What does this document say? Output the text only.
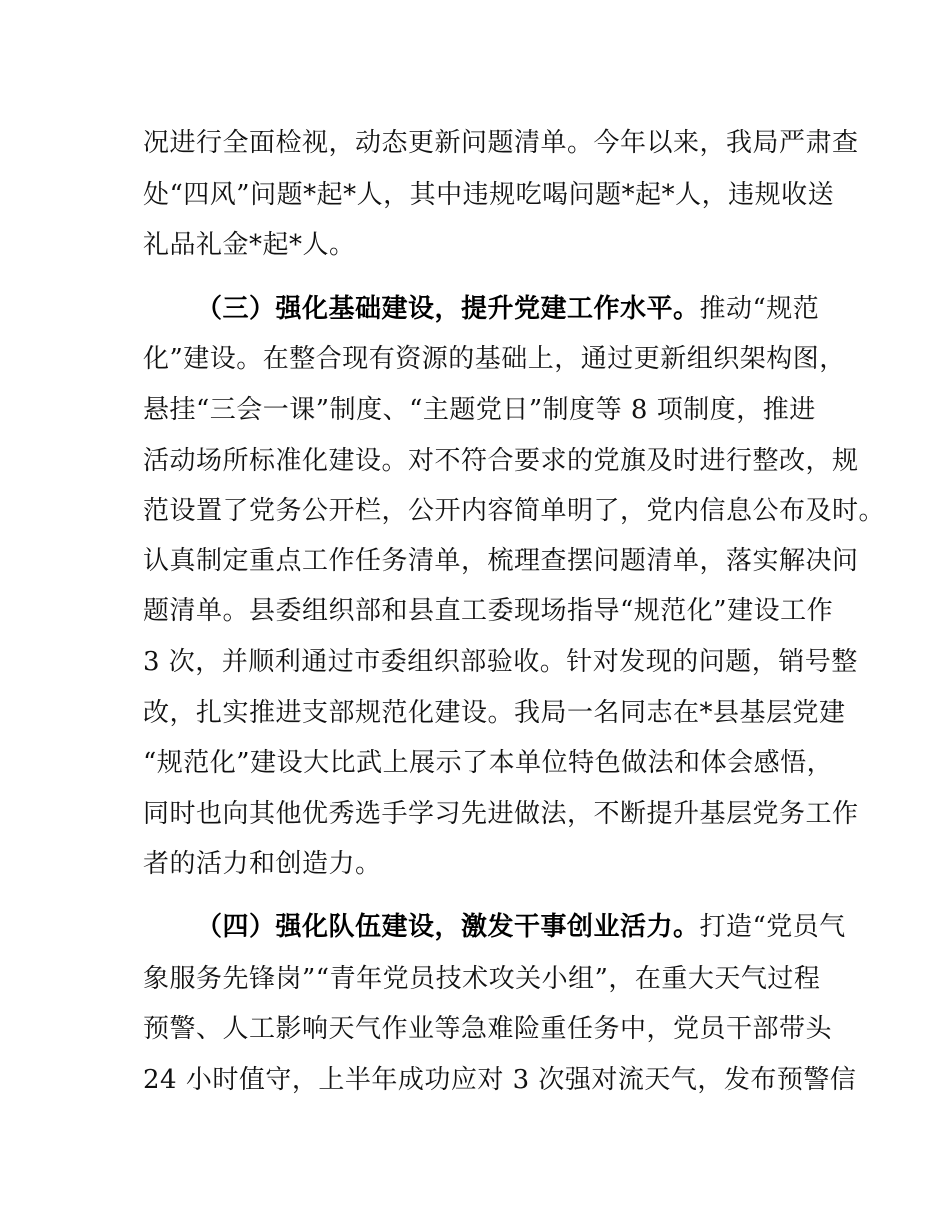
况进行全面检视，动态更新问题清单。今年以来，我局严肃查
处“四风”问题*起*人，其中违规吃喝问题*起*人，违规收送
礼品礼金*起*人。
（三）强化基础建设，提升党建工作水平。推动“规范
化”建设。在整合现有资源的基础上，通过更新组织架构图，
悬挂“三会一课”制度、“主题党日”制度等 8 项制度，推进
活动场所标准化建设。对不符合要求的党旗及时进行整改，规
范设置了党务公开栏，公开内容简单明了，党内信息公布及时。
认真制定重点工作任务清单，梳理查摆问题清单，落实解决问
题清单。县委组织部和县直工委现场指导“规范化”建设工作
3 次，并顺利通过市委组织部验收。针对发现的问题，销号整
改，扎实推进支部规范化建设。我局一名同志在*县基层党建
“规范化”建设大比武上展示了本单位特色做法和体会感悟，
同时也向其他优秀选手学习先进做法，不断提升基层党务工作
者的活力和创造力。
（四）强化队伍建设，激发干事创业活力。打造“党员气
象服务先锋岗”“青年党员技术攻关小组”，在重大天气过程
预警、人工影响天气作业等急难险重任务中，党员干部带头
24 小时值守，上半年成功应对 3 次强对流天气，发布预警信
